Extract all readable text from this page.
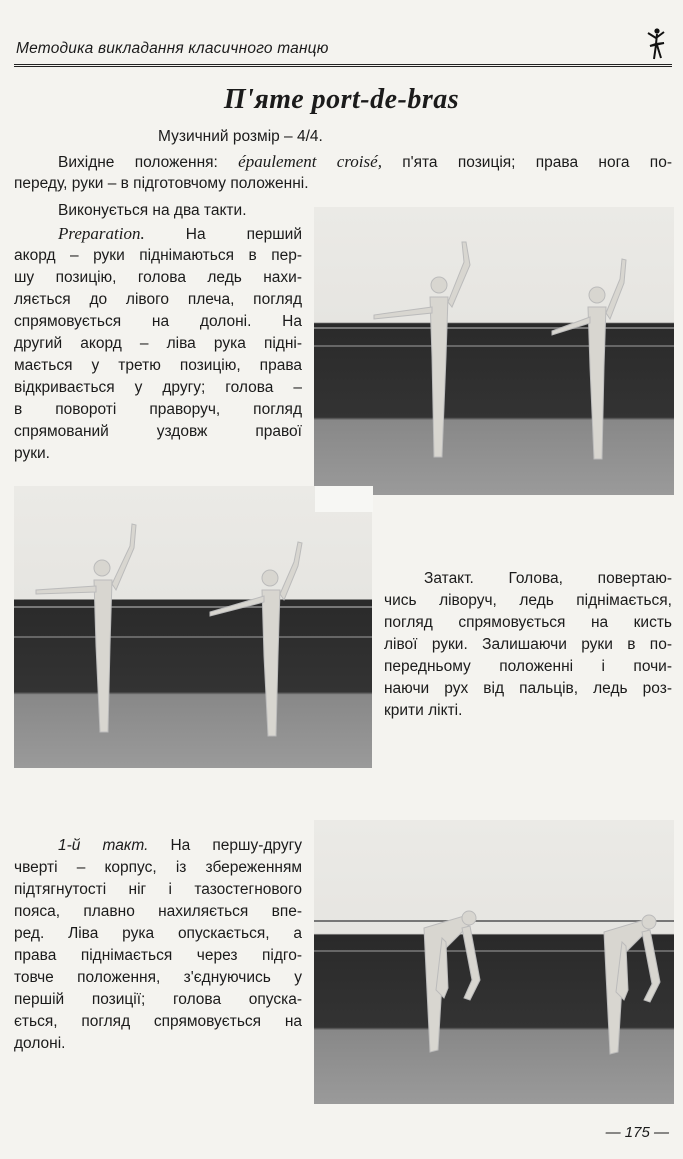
Методика викладання класичного танцю
П'яте port-de-bras
Музичний розмір – 4/4.
Вихідне положення: épaulement croisé, п'ята позиція; права нога по-
переду, руки – в підготовчому положенні.
Виконується на два такти.
Preparation.	На перший
акорд – руки піднімаються в пер-
шу позицію, голова ледь нахи-
ляється до лівого плеча, погляд
спрямовується на долоні. На
другий акорд – ліва рука підні-
мається у третю позицію, права
відкривається у другу; голова –
в повороті праворуч, погляд
спрямований уздовж правої
руки.
Затакт. Голова, повертаю-
чись ліворуч, ледь піднімається,
погляд спрямовується на кисть
лівої руки. Залишаючи руки в по-
передньому положенні і почи-
наючи рух від пальців, ледь роз-
крити лікті.
1-й такт. На першу-другу
чверті – корпус, із збереженням
підтягнутості ніг і тазостегнового
пояса, плавно нахиляється впе-
ред. Ліва рука опускається, а
права піднімається через підго-
товче положення, з'єднуючись у
першій позиції; голова опуска-
ється, погляд спрямовується на
долоні.
— 175 —
